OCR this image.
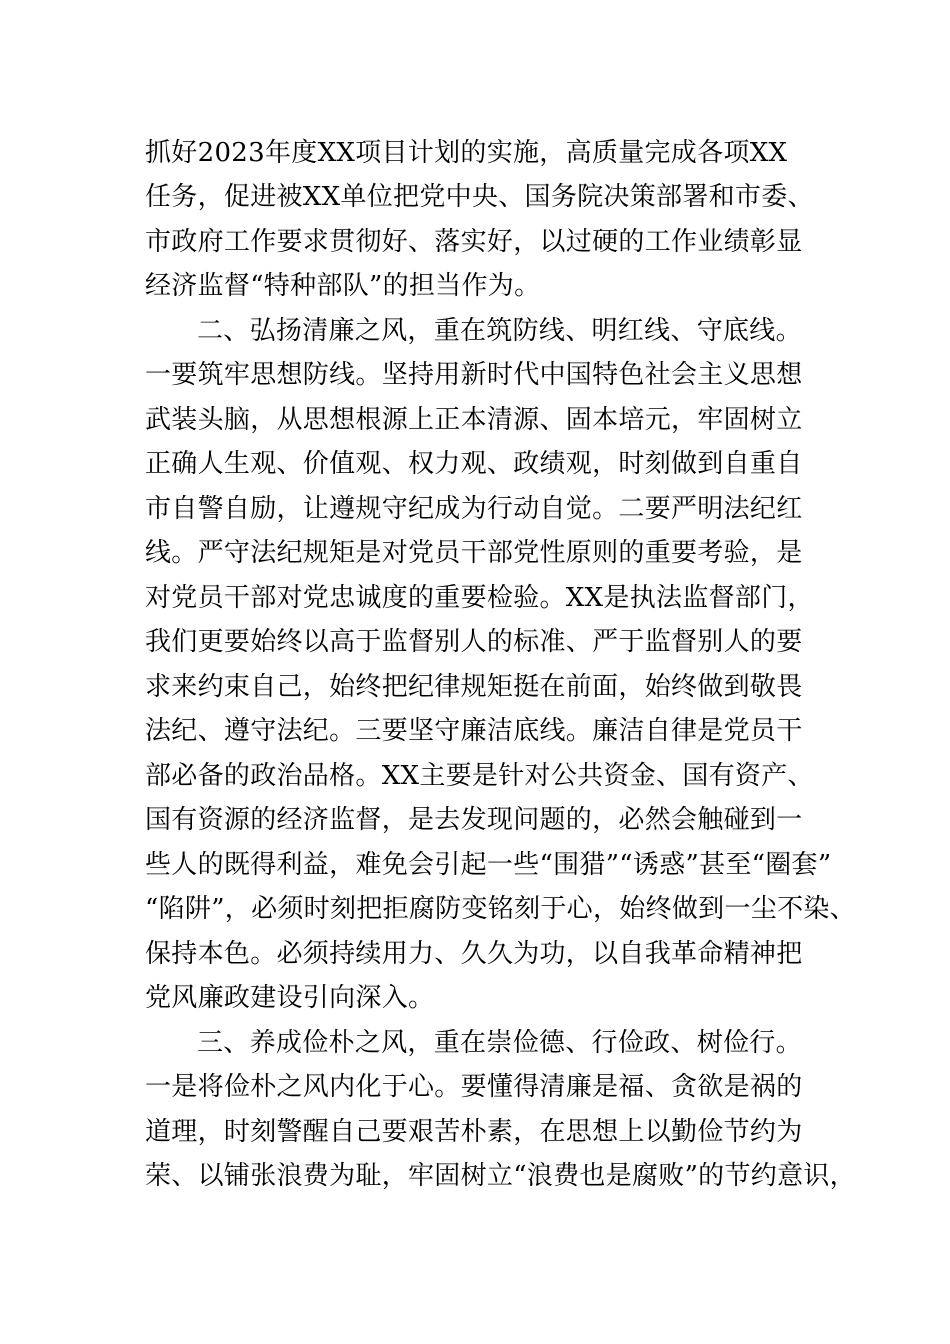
抓好2023年度XX项目计划的实施，高质量完成各项XX
任务，促进被XX单位把党中央、国务院决策部署和市委、
市政府工作要求贯彻好、落实好，以过硬的工作业绩彰显
经济监督“特种部队”的担当作为。
二、弘扬清廉之风，重在筑防线、明红线、守底线。
一要筑牢思想防线。坚持用新时代中国特色社会主义思想
武装头脑，从思想根源上正本清源、固本培元，牢固树立
正确人生观、价值观、权力观、政绩观，时刻做到自重自
市自警自励，让遵规守纪成为行动自觉。二要严明法纪红
线。严守法纪规矩是对党员干部党性原则的重要考验，是
对党员干部对党忠诚度的重要检验。XX是执法监督部门，
我们更要始终以高于监督别人的标准、严于监督别人的要
求来约束自己，始终把纪律规矩挺在前面，始终做到敬畏
法纪、遵守法纪。三要坚守廉洁底线。廉洁自律是党员干
部必备的政治品格。XX主要是针对公共资金、国有资产、
国有资源的经济监督，是去发现问题的，必然会触碰到一
些人的既得利益，难免会引起一些“围猎”“诱惑”甚至“圈套”
“陷阱”，必须时刻把拒腐防变铭刻于心，始终做到一尘不染、
保持本色。必须持续用力、久久为功，以自我革命精神把
党风廉政建设引向深入。
三、养成俭朴之风，重在崇俭德、行俭政、树俭行。
一是将俭朴之风内化于心。要懂得清廉是福、贪欲是祸的
道理，时刻警醒自己要艰苦朴素，在思想上以勤俭节约为
荣、以铺张浪费为耻，牢固树立“浪费也是腐败”的节约意识，
